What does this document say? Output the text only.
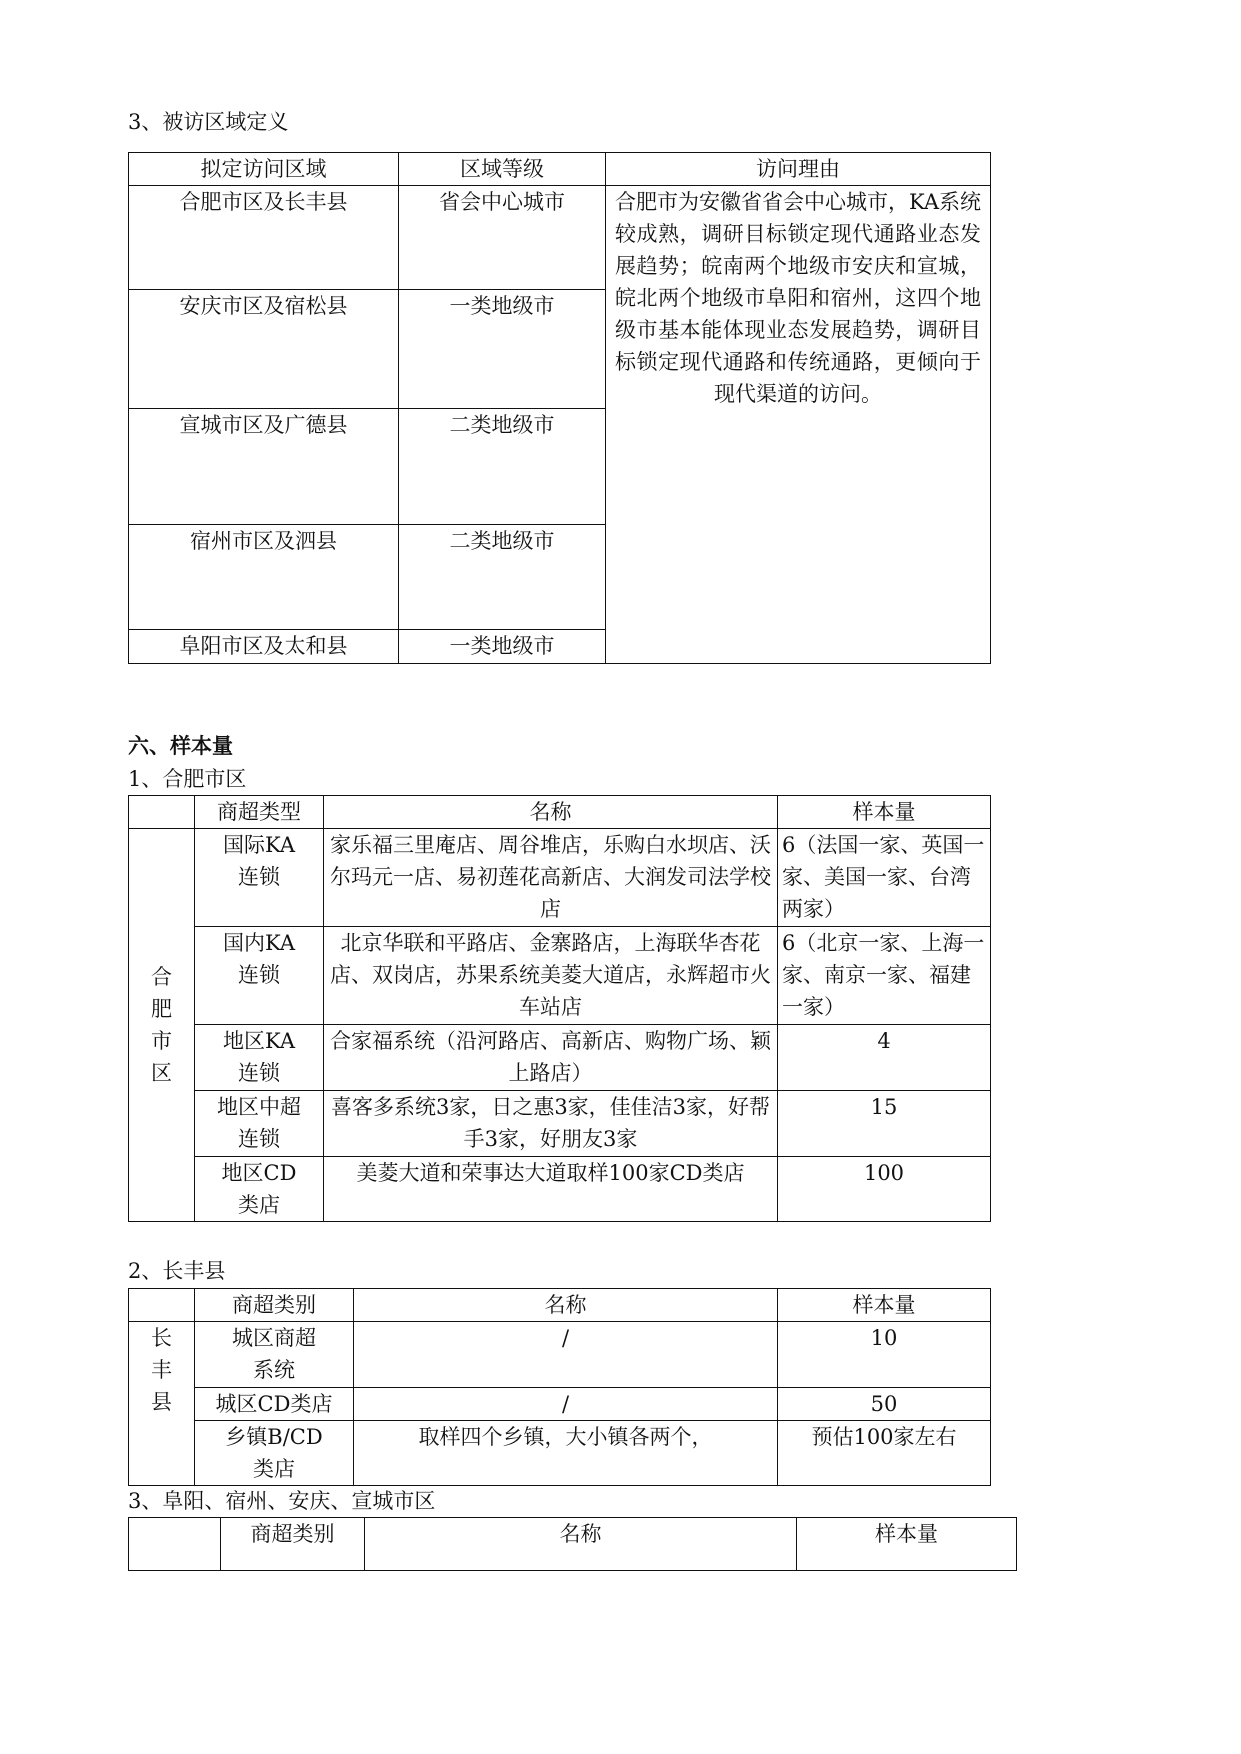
3、被访区域定义
拟定访问区域	区域等级	访问理由
合肥市区及长丰县	省会中心城市	合肥市为安徽省省会中心城市，KA系统较成熟，调研目标锁定现代通路业态发展趋势；皖南两个地级市安庆和宣城，皖北两个地级市阜阳和宿州，这四个地级市基本能体现业态发展趋势，调研目标锁定现代通路和传统通路，更倾向于现代渠道的访问。
安庆市区及宿松县	一类地级市	
宣城市区及广德县	二类地级市	
宿州市区及泗县	二类地级市	
阜阳市区及太和县	一类地级市	
六、样本量
1、合肥市区
	商超类型	名称	样本量

合
肥
市
区	国际KA连锁	家乐福三里庵店、周谷堆店，乐购白水坝店、沃尔玛元一店、易初莲花高新店、大润发司法学校店	6（法国一家、英国一家、美国一家、台湾两家）
	国内KA连锁	北京华联和平路店、金寨路店，上海联华杏花店、双岗店，苏果系统美菱大道店，永辉超市火车站店	6（北京一家、上海一家、南京一家、福建一家）
	地区KA连锁	合家福系统（沿河路店、高新店、购物广场、颖上路店）	4
	地区中超连锁	喜客多系统3家，日之惠3家，佳佳洁3家，好帮手3家，好朋友3家	15
	地区CD类店	美菱大道和荣事达大道取样100家CD类店	100
2、长丰县
	商超类别	名称	样本量

长
丰
县	城区商超系统	/	10
	城区CD类店	/	50
	乡镇B/CD类店	取样四个乡镇，大小镇各两个，	预估100家左右
3、阜阳、宿州、安庆、宣城市区
	商超类别	名称	样本量
